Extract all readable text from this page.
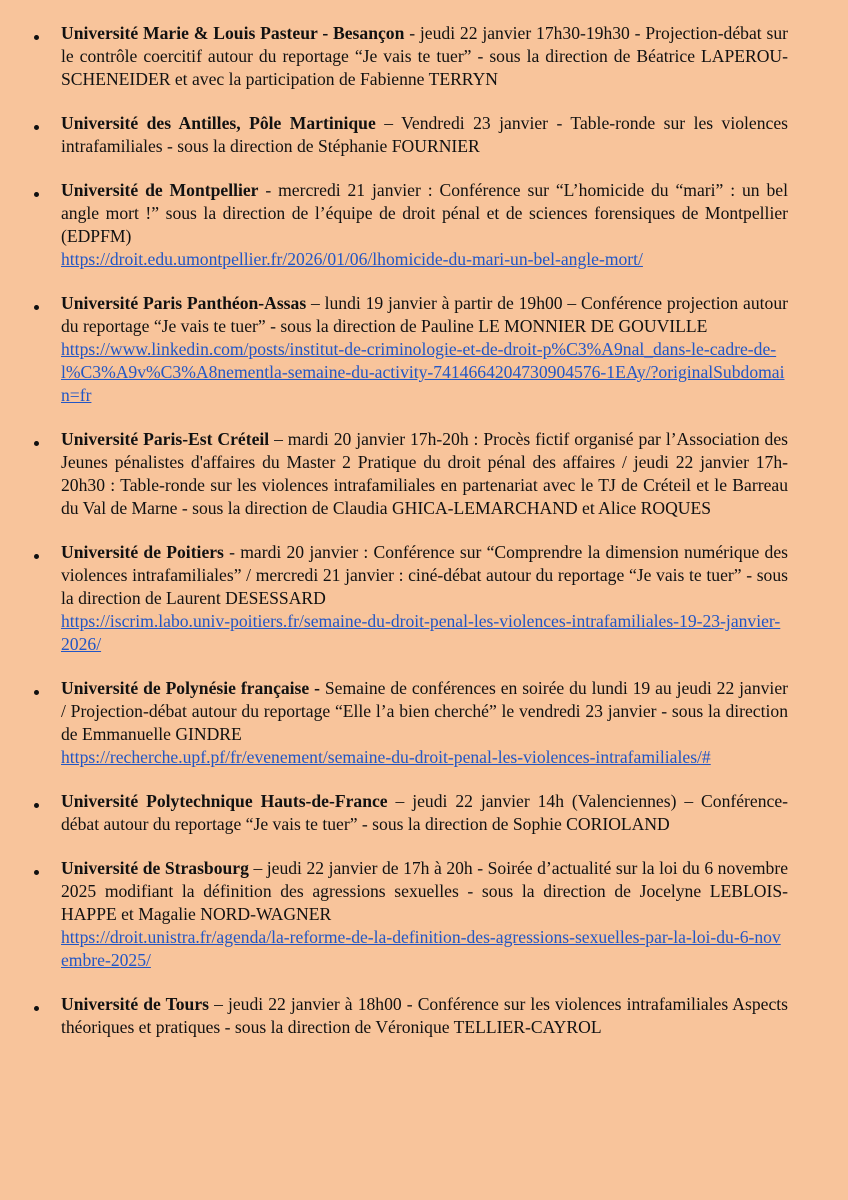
Université Marie & Louis Pasteur - Besançon - jeudi 22 janvier 17h30-19h30 - Projection-débat sur le contrôle coercitif autour du reportage “Je vais te tuer” - sous la direction de Béatrice LAPEROU-SCHENEIDER et avec la participation de Fabienne TERRYN

Université des Antilles, Pôle Martinique – Vendredi 23 janvier - Table-ronde sur les violences intrafamiliales - sous la direction de Stéphanie FOURNIER

Université de Montpellier - mercredi 21 janvier : Conférence sur “L’homicide du “mari” : un bel angle mort !” sous la direction de l’équipe de droit pénal et de sciences forensiques de Montpellier (EDPFM)

https://droit.edu.umontpellier.fr/2026/01/06/lhomicide-du-mari-un-bel-angle-mort/

Université Paris Panthéon-Assas – lundi 19 janvier à partir de 19h00 – Conférence projection autour du reportage “Je vais te tuer” - sous la direction de Pauline LE MONNIER DE GOUVILLE

https://www.linkedin.com/posts/institut-de-criminologie-et-de-droit-p%C3%A9nal_dans-le-cadre-de-l%C3%A9v%C3%A8nementla-semaine-du-activity-7414664204730904576-1EAy/?originalSubdomain=fr

Université Paris-Est Créteil – mardi 20 janvier 17h-20h : Procès fictif organisé par l’Association des Jeunes pénalistes d'affaires du Master 2 Pratique du droit pénal des affaires / jeudi 22 janvier 17h-20h30 : Table-ronde sur les violences intrafamiliales en partenariat avec le TJ de Créteil et le Barreau du Val de Marne - sous la direction de Claudia GHICA-LEMARCHAND et Alice ROQUES

Université de Poitiers - mardi 20 janvier : Conférence sur “Comprendre la dimension numérique des violences intrafamiliales” / mercredi 21 janvier : ciné-débat autour du reportage “Je vais te tuer” - sous la direction de Laurent DESESSARD

https://iscrim.labo.univ-poitiers.fr/semaine-du-droit-penal-les-violences-intrafamiliales-19-23-janvier-2026/

Université de Polynésie française - Semaine de conférences en soirée du lundi 19 au jeudi 22 janvier / Projection-débat autour du reportage “Elle l’a bien cherché” le vendredi 23 janvier - sous la direction de Emmanuelle GINDRE

https://recherche.upf.pf/fr/evenement/semaine-du-droit-penal-les-violences-intrafamiliales/#

Université Polytechnique Hauts-de-France – jeudi 22 janvier 14h (Valenciennes) – Conférence-débat autour du reportage “Je vais te tuer” - sous la direction de Sophie CORIOLAND

Université de Strasbourg – jeudi 22 janvier de 17h à 20h - Soirée d’actualité sur la loi du 6 novembre 2025 modifiant la définition des agressions sexuelles - sous la direction de Jocelyne LEBLOIS-HAPPE et Magalie NORD-WAGNER

https://droit.unistra.fr/agenda/la-reforme-de-la-definition-des-agressions-sexuelles-par-la-loi-du-6-novembre-2025/

Université de Tours – jeudi 22 janvier à 18h00 - Conférence sur les violences intrafamiliales Aspects théoriques et pratiques - sous la direction de Véronique TELLIER-CAYROL
